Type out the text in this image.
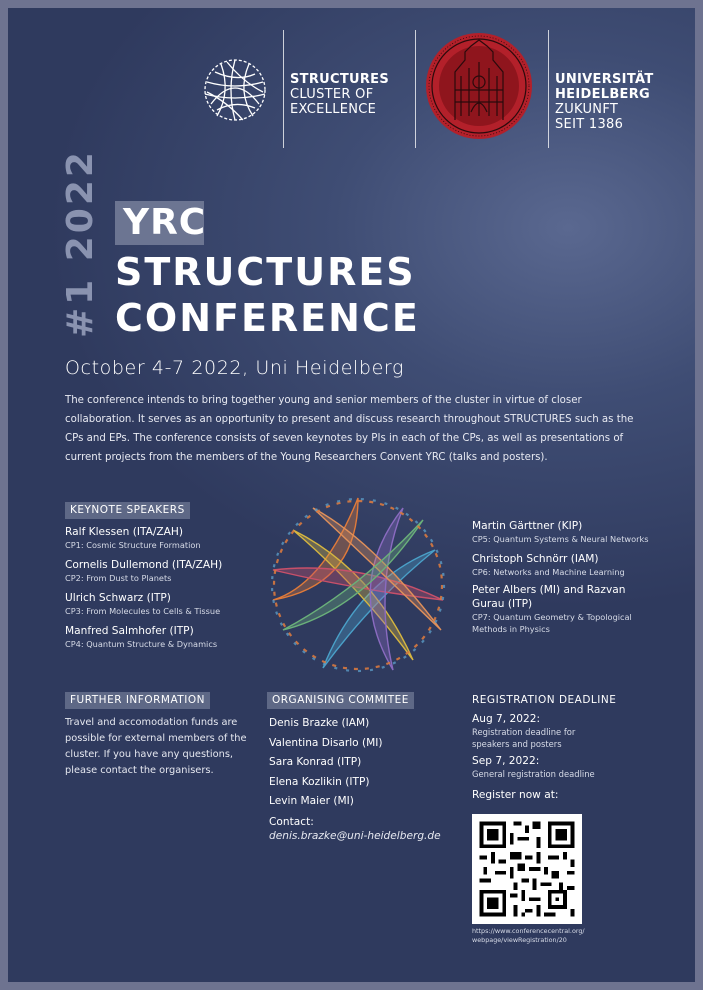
STRUCTURES
CLUSTER OF
EXCELLENCE
UNIVERSITÄT
HEIDELBERG
ZUKUNFT
SEIT 1386
#1 2022 YRC
STRUCTURES
CONFERENCE
October 4-7 2022, Uni Heidelberg
The conference intends to bring together young and senior members of the cluster in virtue of closer collaboration. It serves as an opportunity to present and discuss research throughout STRUCTURES such as the CPs and EPs. The conference consists of seven keynotes by PIs in each of the CPs, as well as presentations of current projects from the members of the Young Researchers Convent YRC (talks and posters).
KEYNOTE SPEAKERS
Ralf Klessen (ITA/ZAH)
CP1: Cosmic Structure Formation
Cornelis Dullemond (ITA/ZAH)
CP2: From Dust to Planets
Ulrich Schwarz (ITP)
CP3: From Molecules to Cells & Tissue
Manfred Salmhofer (ITP)
CP4: Quantum Structure & Dynamics
Martin Gärttner (KIP)
CP5: Quantum Systems & Neural Networks
Christoph Schnörr (IAM)
CP6: Networks and Machine Learning
Peter Albers (MI) and Razvan
Gurau (ITP)
CP7: Quantum Geometry & Topological
Methods in Physics
FURTHER INFORMATION
Travel and accomodation funds are possible for external members of the cluster. If you have any questions, please contact the organisers.
ORGANISING COMMITEE
Denis Brazke (IAM)
Valentina Disarlo (MI)
Sara Konrad (ITP)
Elena Kozlikin (ITP)
Levin Maier (MI)
Contact:
denis.brazke@uni-heidelberg.de
REGISTRATION DEADLINE
Aug 7, 2022:
Registration deadline for speakers and posters
Sep 7, 2022:
General registration deadline
Register now at:
https://www.conferencecentral.org/
webpage/viewRegistration/20
